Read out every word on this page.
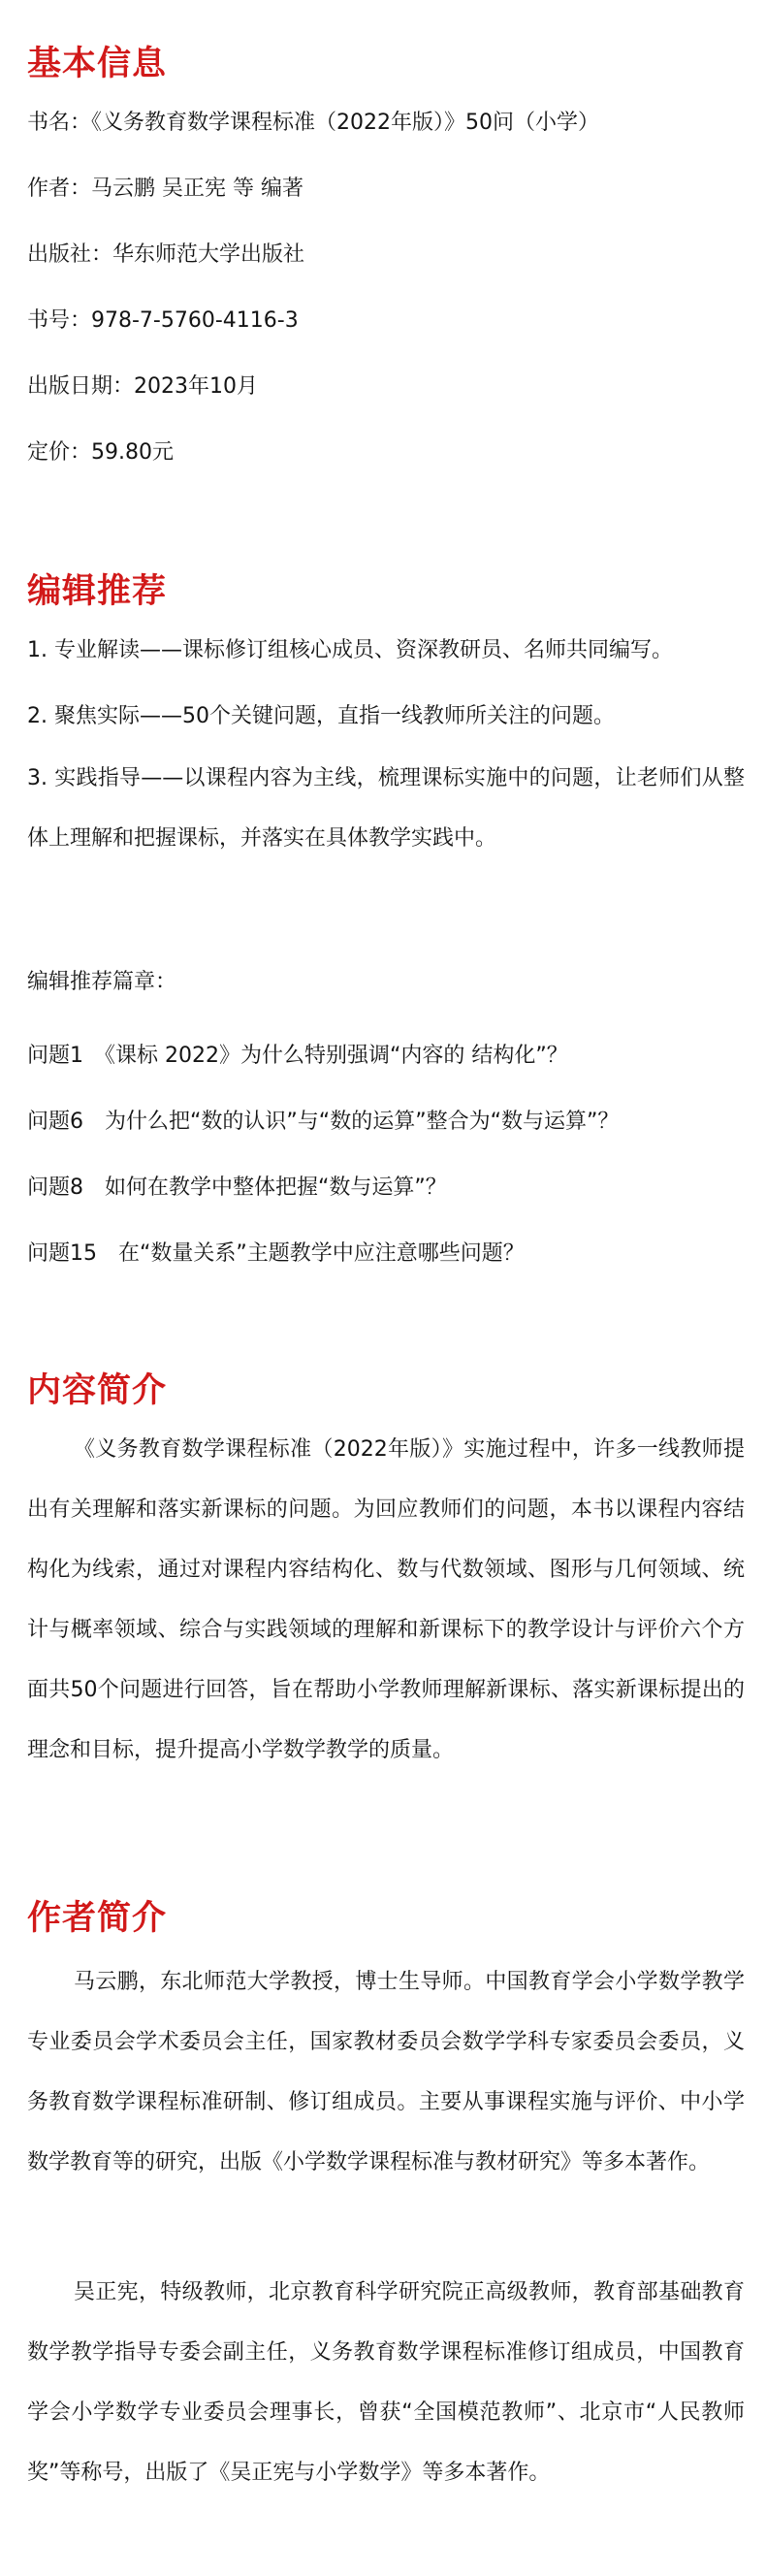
基本信息
书名：《义务教育数学课程标准（2022年版）》50问（小学）
作者：马云鹏 吴正宪 等 编著
出版社：华东师范大学出版社
书号：978-7-5760-4116-3
出版日期：2023年10月
定价：59.80元
编辑推荐
1. 专业解读——课标修订组核心成员、资深教研员、名师共同编写。
2. 聚焦实际——50个关键问题，直指一线教师所关注的问题。
3. 实践指导——以课程内容为主线，梳理课标实施中的问题，让老师们从整体上理解和把握课标，并落实在具体教学实践中。
编辑推荐篇章：
问题1　《课标 2022》为什么特别强调“内容的 结构化”？
问题6　为什么把“数的认识”与“数的运算”整合为“数与运算”？
问题8　如何在教学中整体把握“数与运算”？
问题15　在“数量关系”主题教学中应注意哪些问题？
内容简介
《义务教育数学课程标准（2022年版）》实施过程中，许多一线教师提出有关理解和落实新课标的问题。为回应教师们的问题，本书以课程内容结构化为线索，通过对课程内容结构化、数与代数领域、图形与几何领域、统计与概率领域、综合与实践领域的理解和新课标下的教学设计与评价六个方面共50个问题进行回答，旨在帮助小学教师理解新课标、落实新课标提出的理念和目标，提升提高小学数学教学的质量。
作者简介
马云鹏，东北师范大学教授，博士生导师。中国教育学会小学数学教学专业委员会学术委员会主任，国家教材委员会数学学科专家委员会委员，义务教育数学课程标准研制、修订组成员。主要从事课程实施与评价、中小学数学教育等的研究，出版《小学数学课程标准与教材研究》等多本著作。
吴正宪，特级教师，北京教育科学研究院正高级教师，教育部基础教育数学教学指导专委会副主任，义务教育数学课程标准修订组成员，中国教育学会小学数学专业委员会理事长，曾获“全国模范教师”、北京市“人民教师奖”等称号，出版了《吴正宪与小学数学》等多本著作。
